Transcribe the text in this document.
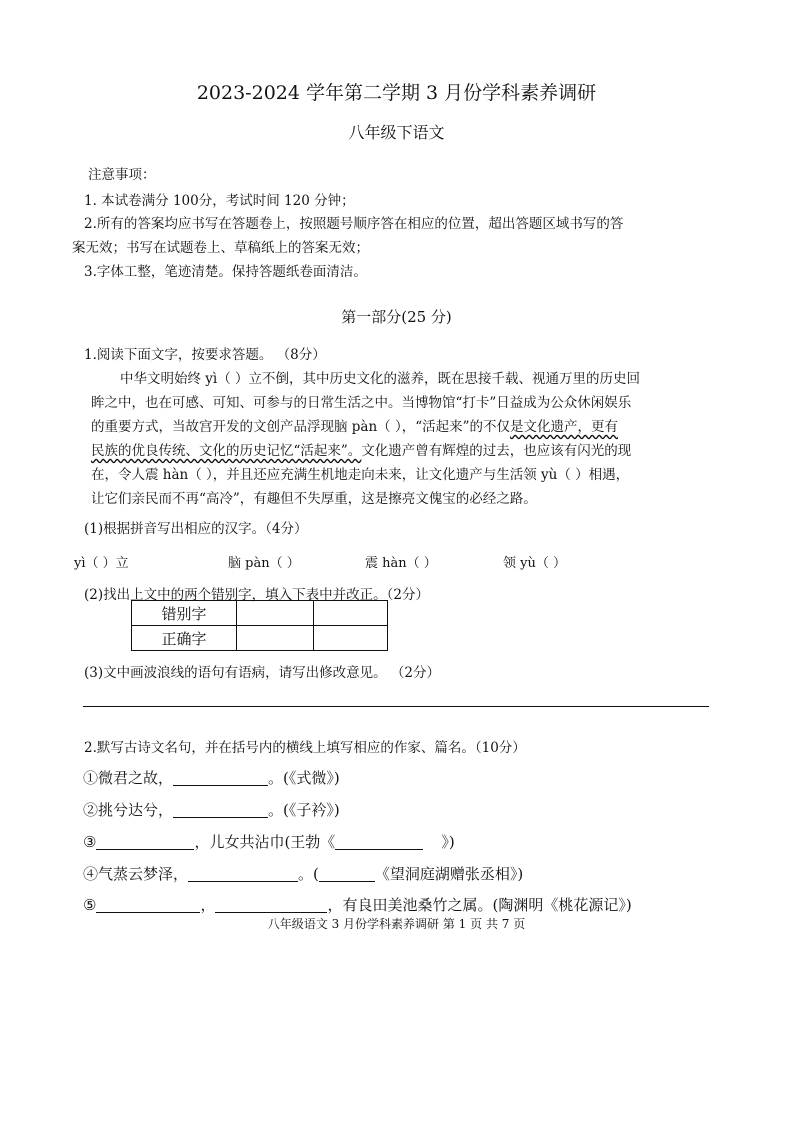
2023-2024 学年第二学期 3 月份学科素养调研
八年级下语文
注意事项：
1. 本试卷满分 100分，考试时间 120 分钟；
2.所有的答案均应书写在答题卷上，按照题号顺序答在相应的位置，超出答题区域书写的答
案无效；书写在试题卷上、草稿纸上的答案无效；
3.字体工整，笔迹清楚。保持答题纸卷面清洁。
第一部分(25 分)
1.阅读下面文字，按要求答题。 （8分）
中华文明始终 yì（ ）立不倒，其中历史文化的滋养，既在思接千载、视通万里的历史回
眸之中，也在可感、可知、可参与的日常生活之中。当博物馆“打卡”日益成为公众休闲娱乐
的重要方式，当故宫开发的文创产品浮现脑 pàn（ ），“活起来”的不仅是文化遗产，更有
民族的优良传统、文化的历史记忆“活起来”。文化遗产曾有辉煌的过去，也应该有闪光的现
在，令人震 hàn（ ），并且还应充满生机地走向未来，让文化遗产与生活领 yù（ ）相遇，
让它们亲民而不再“高冷”，有趣但不失厚重，这是擦亮文傀宝的必经之路。
(1)根据拼音写出相应的汉字。（4分）
yì（ ）立	脑 pàn（ ）	震 hàn（ ）	领 yù（ ）
(2)找出上文中的两个错别字，填入下表中并改正。（2分）
错别字		
正确字		
(3)文中画波浪线的语句有语病，请写出修改意见。 （2分）
2.默写古诗文名句，并在括号内的横线上填写相应的作家、篇名。（10分）
①微君之故，	。(《式微》)
②挑兮达兮，	。(《子衿》)
③	，儿女共沾巾(王勃《	》)
④气蒸云梦泽，	。(	《望洞庭湖赠张丞相》)
⑤	，	，有良田美池桑竹之属。(陶渊明《桃花源记》)
八年级语文 3 月份学科素养调研 第 1 页 共 7 页
